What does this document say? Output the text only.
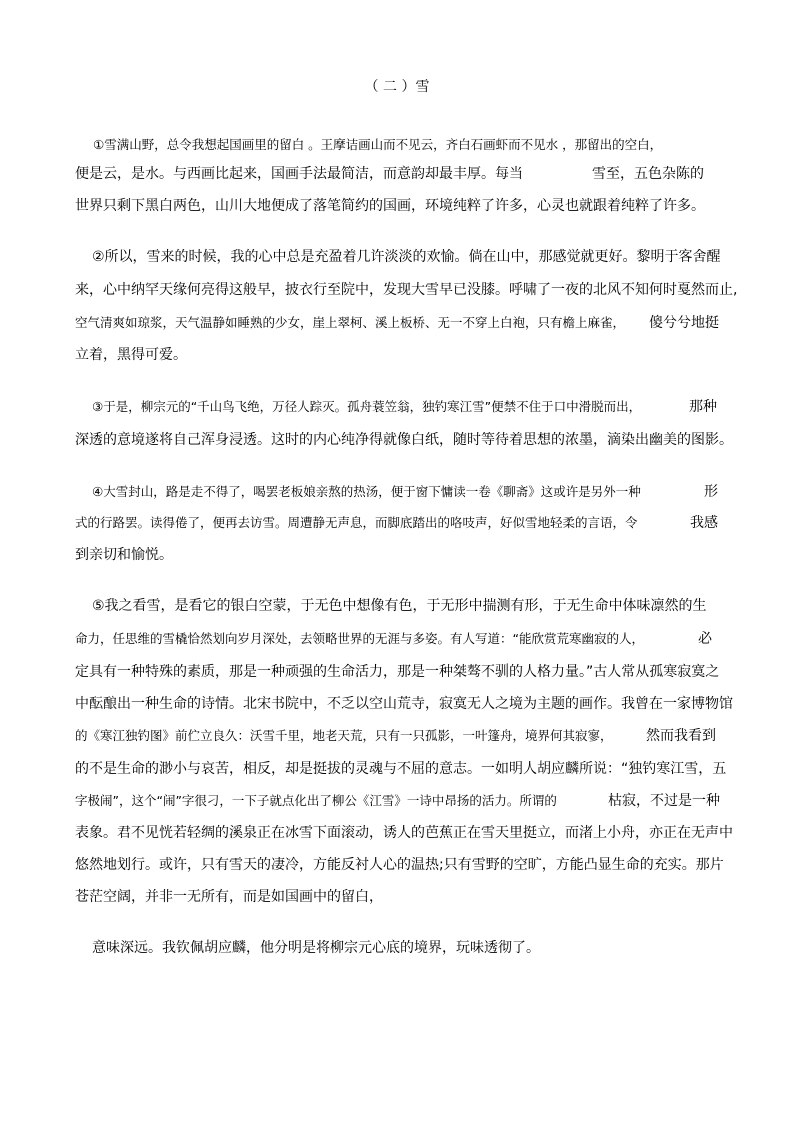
（ 二 ）雪
①雪满山野，总令我想起国画里的留白 。王摩诘画山而不见云，齐白石画虾而不见水 ，那留出的空白，
便是云，是水。与西画比起来，国画手法最简洁，而意韵却最丰厚。每当	雪至，五色杂陈的
世界只剩下黑白两色，山川大地便成了落笔简约的国画，环境纯粹了许多，心灵也就跟着纯粹了许多。
②所以，雪来的时候，我的心中总是充盈着几许淡淡的欢愉。倘在山中，那感觉就更好。黎明于客舍醒
来，心中纳罕天缘何亮得这般早，披衣行至院中，发现大雪早已没膝。呼啸了一夜的北风不知何时戛然而止,
空气清爽如琼浆，天气温静如睡熟的少女，崖上翠柯、溪上板桥、无一不穿上白袍，只有檐上麻雀， 傻兮兮地挺
立着，黑得可爱。
③于是，柳宗元的“千山鸟飞绝，万径人踪灭。孤舟蓑笠翁，独钓寒江雪”便禁不住于口中滑脱而出，	那种
深透的意境遂将自己浑身浸透。这时的内心纯净得就像白纸，随时等待着思想的浓墨，滴染出幽美的图影。
④大雪封山，路是走不得了，喝罢老板娘亲熬的热汤，便于窗下慵读一卷《聊斋》这或许是另外一种	形
式的行路罢。读得倦了，便再去访雪。周遭静无声息，而脚底踏出的咯吱声，好似雪地轻柔的言语，令	我感
到亲切和愉悦。
⑤我之看雪，是看它的银白空蒙，于无色中想像有色，于无形中揣测有形，于无生命中体味凛然的生
命力，任思维的雪橇恰然划向岁月深处，去领略世界的无涯与多姿。有人写道：“能欣赏荒寒幽寂的人，	必
定具有一种特殊的素质，那是一种顽强的生命活力，那是一种桀骜不驯的人格力量。”古人常从孤寒寂寞之
中酝酿出一种生命的诗情。北宋书院中，不乏以空山荒寺，寂寞无人之境为主题的画作。我曾在一家博物馆
的《寒江独钓图》前伫立良久：沃雪千里，地老天荒，只有一只孤影，一叶篷舟，境界何其寂寥， 然而我看到
的不是生命的渺小与哀苦，相反，却是挺拔的灵魂与不屈的意志。一如明人胡应麟所说：“独钓寒江雪，五
字极闹”，这个“闹”字很刁，一下子就点化出了柳公《江雪》一诗中昂扬的活力。所谓的	枯寂，不过是一种
表象。君不见恍若轻绸的溪泉正在冰雪下面滚动，诱人的芭蕉正在雪天里挺立，而渚上小舟，亦正在无声中
悠然地划行。或许，只有雪天的凄冷，方能反衬人心的温热;只有雪野的空旷，方能凸显生命的充实。那片
苍茫空阔，并非一无所有，而是如国画中的留白，
意味深远。我钦佩胡应麟，他分明是将柳宗元心底的境界，玩味透彻了。
